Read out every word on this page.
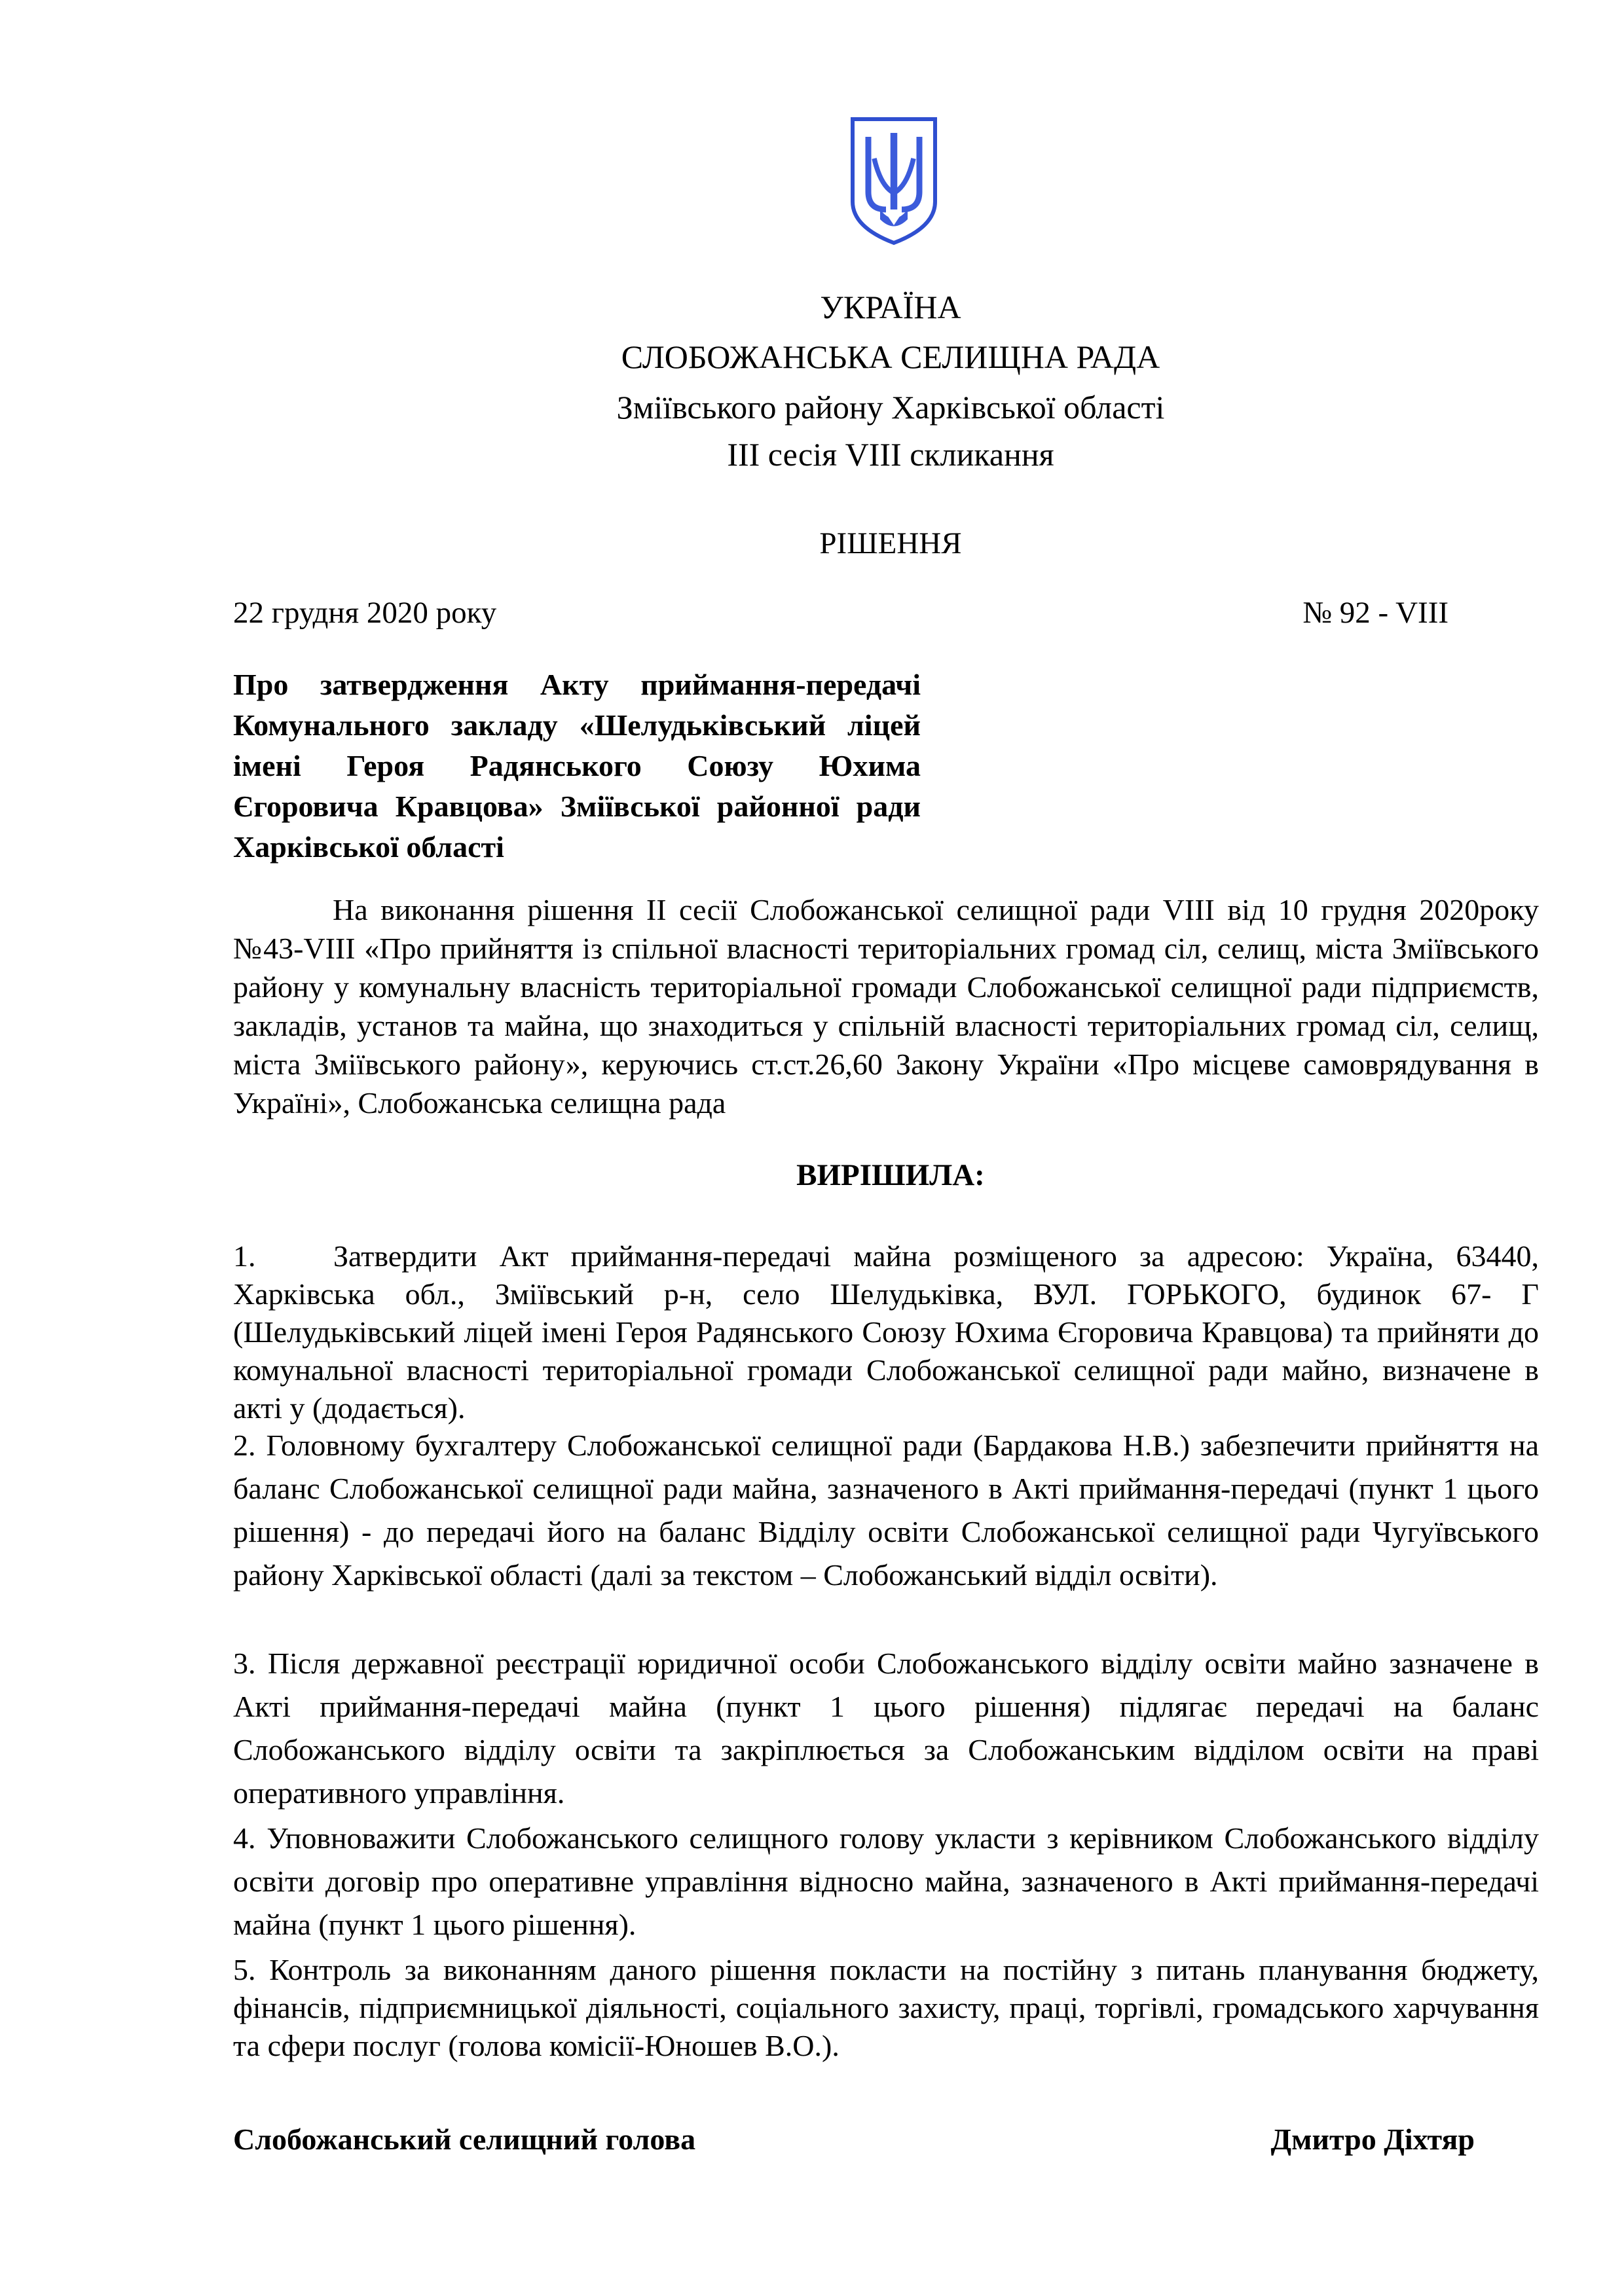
УКРАЇНА
СЛОБОЖАНСЬКА СЕЛИЩНА РАДА
Зміївського району Харківської області
ІІІ сесія VIII скликання
РІШЕННЯ
22 грудня 2020 року	№ 92 - VIII
Про затвердження Акту приймання-передачі Комунального закладу «Шелудьківський ліцей імені Героя Радянського Союзу Юхима Єгоровича Кравцова» Зміївської районної ради Харківської області
На виконання рішення ІІ сесії Слобожанської селищної ради VIII від 10 грудня 2020року №43-VIII «Про прийняття із спільної власності територіальних громад сіл, селищ, міста Зміївського району у комунальну власність територіальної громади Слобожанської селищної ради підприємств, закладів, установ та майна, що знаходиться у спільній власності територіальних громад сіл, селищ, міста Зміївського району», керуючись ст.ст.26,60 Закону України «Про місцеве самоврядування в Україні», Слобожанська селищна рада
ВИРІШИЛА:
1.	Затвердити Акт приймання-передачі майна розміщеного за адресою: Україна, 63440, Харківська обл., Зміївський р-н, село Шелудьківка, ВУЛ. ГОРЬКОГО, будинок 67- Г (Шелудьківський ліцей імені Героя Радянського Союзу Юхима Єгоровича Кравцова) та прийняти до комунальної власності територіальної громади Слобожанської селищної ради майно, визначене в акті у (додається).
2. Головному бухгалтеру Слобожанської селищної ради (Бардакова Н.В.) забезпечити прийняття на баланс Слобожанської селищної ради майна, зазначеного в Акті приймання-передачі (пункт 1 цього рішення) - до передачі його на баланс Відділу освіти Слобожанської селищної ради Чугуївського району Харківської області (далі за текстом – Слобожанський відділ освіти).
3. Після державної реєстрації юридичної особи Слобожанського відділу освіти майно зазначене в Акті приймання-передачі майна (пункт 1 цього рішення) підлягає передачі на баланс Слобожанського відділу освіти та закріплюється за Слобожанським відділом освіти на праві оперативного управління.
4. Уповноважити Слобожанського селищного голову укласти з керівником Слобожанського відділу освіти договір про оперативне управління відносно майна, зазначеного в Акті приймання-передачі майна (пункт 1 цього рішення).
5. Контроль за виконанням даного рішення покласти на постійну з питань планування бюджету, фінансів, підприємницької діяльності, соціального захисту, праці, торгівлі, громадського харчування та сфери послуг (голова комісії-Юношев В.О.).
Слобожанський селищний голова	Дмитро Діхтяр
